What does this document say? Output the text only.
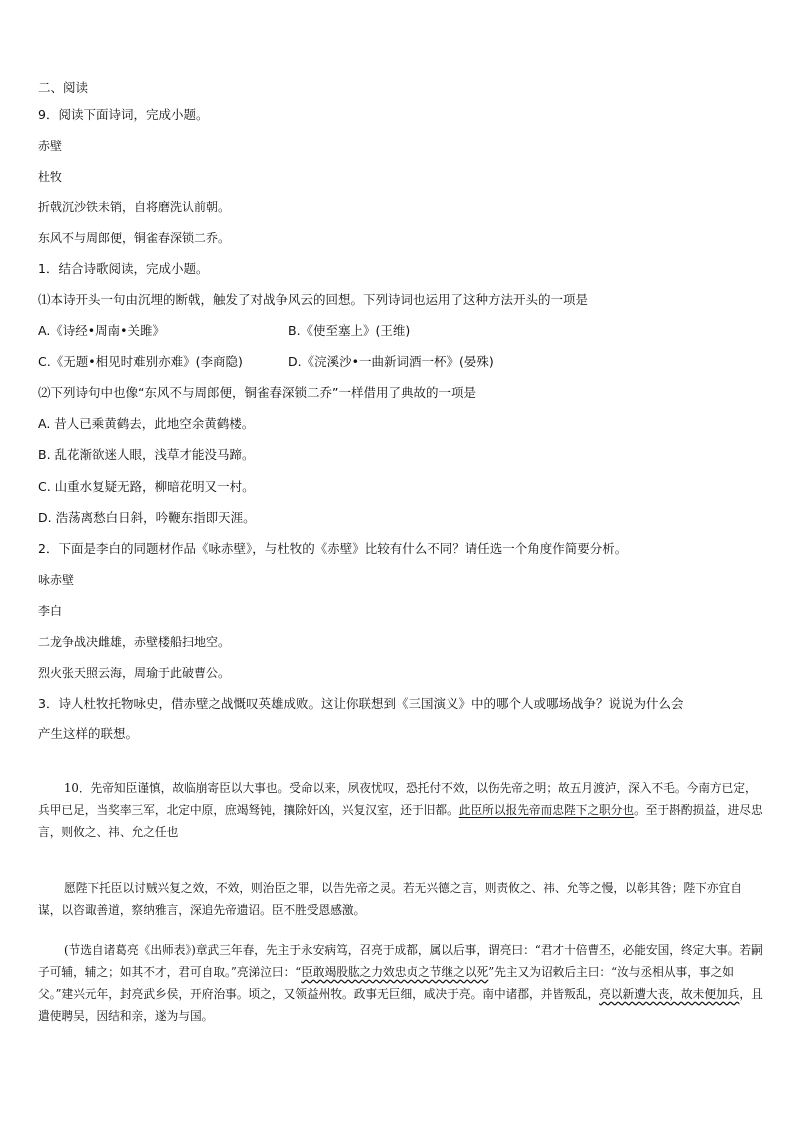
二、阅读
9．阅读下面诗词，完成小题。
赤壁
杜牧
折戟沉沙铁未销，自将磨洗认前朝。
东风不与周郎便，铜雀春深锁二乔。
1．结合诗歌阅读，完成小题。
⑴本诗开头一句由沉埋的断戟，触发了对战争风云的回想。下列诗词也运用了这种方法开头的一项是
A.《诗经•周南•关雎》	B.《使至塞上》(王维)
C.《无题•相见时难别亦难》(李商隐)	D.《浣溪沙•一曲新词酒一杯》(晏殊)
⑵下列诗句中也像“东风不与周郎便，铜雀春深锁二乔”一样借用了典故的一项是
A. 昔人已乘黄鹤去，此地空余黄鹤楼。
B. 乱花渐欲迷人眼，浅草才能没马蹄。
C. 山重水复疑无路，柳暗花明又一村。
D. 浩荡离愁白日斜，吟鞭东指即天涯。
2．下面是李白的同题材作品《咏赤壁》，与杜牧的《赤壁》比较有什么不同？请任选一个角度作简要分析。
咏赤壁
李白
二龙争战决雌雄，赤壁楼船扫地空。
烈火张天照云海，周瑜于此破曹公。
3．诗人杜牧托物咏史，借赤壁之战慨叹英雄成败。这让你联想到《三国演义》中的哪个人或哪场战争？说说为什么会
产生这样的联想。
10．先帝知臣谨慎，故临崩寄臣以大事也。受命以来，夙夜忧叹，恐托付不效，以伤先帝之明；故五月渡泸，深入不毛。今南方已定，兵甲已足，当奖率三军，北定中原，庶竭驽钝，攘除奸凶，兴复汉室，还于旧都。此臣所以报先帝而忠陛下之职分也。至于斟酌损益，进尽忠言，则攸之、祎、允之任也
愿陛下托臣以讨贼兴复之效，不效，则治臣之罪，以告先帝之灵。若无兴德之言，则责攸之、祎、允等之慢，以彰其咎；陛下亦宜自谋，以咨诹善道，察纳雅言，深追先帝遗诏。臣不胜受恩感激。
(节选自诸葛亮《出师表》)章武三年春，先主于永安病笃，召亮于成都，属以后事，谓亮曰：“君才十倍曹丕，必能安国，终定大事。若嗣子可辅，辅之；如其不才，君可自取。”亮涕泣曰：“臣敢竭股肱之力效忠贞之节继之以死”先主又为诏敕后主曰：“汝与丞相从事，事之如父。”建兴元年，封亮武乡侯，开府治事。顷之，又领益州牧。政事无巨细，咸决于亮。南中诸郡，并皆叛乱，亮以新遭大丧，故未便加兵，且遣使聘吴，因结和亲，遂为与国。
